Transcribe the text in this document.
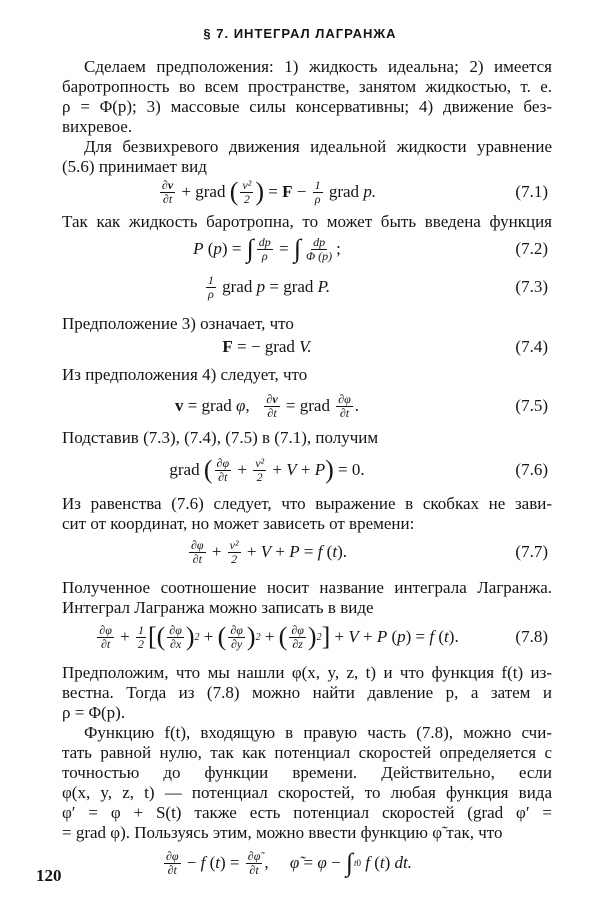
§ 7. ИНТЕГРАЛ ЛАГРАНЖА
Сделаем предположения: 1) жидкость идеальна; 2) имеется
баротропность во всем пространстве, занятом жидкостью, т. е.
ρ = Φ(p); 3) массовые силы консервативны; 4) движение без-
вихревое.
Для безвихревого движения идеальной жидкости уравнение
(5.6) принимает вид
$\frac{\partial v}{\partial t}$ + grad ( $\frac{\text{v²}}{2}$ ) = $F - \frac{1}{\rho}$ grad p.	(7.1)
Так как жидкость баротропна, то может быть введена функция
P ( p ) = ∫ $\frac{dp}{\rho}$ = ∫ $\frac{dp}{\Phi (p)}$ ;	(7.2)
$\frac{1}{\rho}$ grad p = grad P.	(7.3)
Предположение 3) означает, что
F = − grad V.	(7.4)
Из предположения 4) следует, что
v = grad φ , $\frac{\partial v}{\partial t}$ = grad $\frac{\partial\varphi}{\partial t}$ .	(7.5)
Подставив (7.3), (7.4), (7.5) в (7.1), получим
grad ( $\frac{\partial\varphi}{\partial t} + \frac{\text{v²}}{2} + V + P$ ) = 0.	(7.6)
Из равенства (7.6) следует, что выражение в скобках не зави-
сит от координат, но может зависеть от времени:
$\frac{\partial\varphi}{\partial t} + \frac{\text{v²}}{2} + V + P = f$ ( t ).	(7.7)
Полученное соотношение носит название интеграла Лагранжа.
Интеграл Лагранжа можно записать в виде
$\frac{\partial\varphi}{\partial t} + \frac{1}{2}$ [( $\frac{\partial\varphi}{\partial x}$ ) 2 + ( $\frac{\partial\varphi}{\partial y}$ ) 2 + ( $\frac{\partial\varphi}{\partial z}$ ) 2 ] + V + P ( p ) = f ( t ).	(7.8)
Предположим, что мы нашли φ(x, y, z, t) и что функция f(t) из-
вестна. Тогда из (7.8) можно найти давление p, а затем и
ρ = Φ(p).
Функцию f(t), входящую в правую часть (7.8), можно счи-
тать равной нулю, так как потенциал скоростей определяется с
точностью до функции времени. Действительно, если
φ(x, y, z, t) — потенциал скоростей, то любая функция вида
φ′ = φ + S(t) также есть потенциал скоростей (grad φ′ =
= grad φ). Пользуясь этим, можно ввести функцию φ̃ так, что
$\frac{\partial\varphi}{\partial t} - f$ ( t ) = $\frac{\partial\varphĩ}{\partial t}$ , φ̃ = φ − ∫ t 0 f ( t ) dt.
120
